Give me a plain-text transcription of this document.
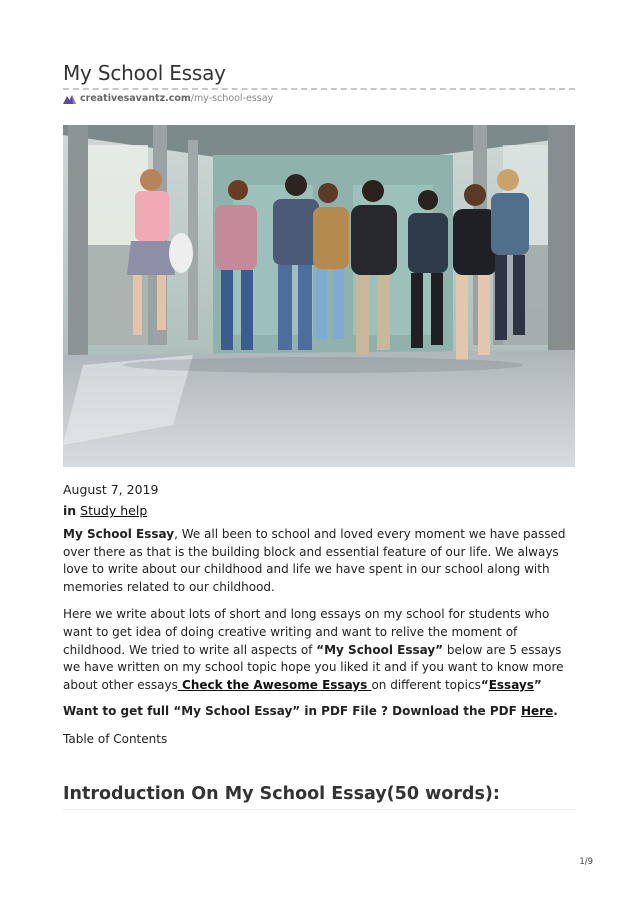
My School Essay
creativesavantz.com /my-school-essay
August 7, 2019
in Study help

My School Essay, We all been to school and loved every moment we have passed over there as that is the building block and essential feature of our life. We always love to write about our childhood and life we have spent in our school along with memories related to our childhood.

Here we write about lots of short and long essays on my school for students who want to get idea of doing creative writing and want to relive the moment of childhood. We tried to write all aspects of “My School Essay” below are 5 essays we have written on my school topic hope you liked it and if you want to know more about other essays Check the Awesome Essays on different topics“Essays”

Want to get full “My School Essay” in PDF File ? Download the PDF Here.

Table of Contents

Introduction On My School Essay(50 words):
1/9
